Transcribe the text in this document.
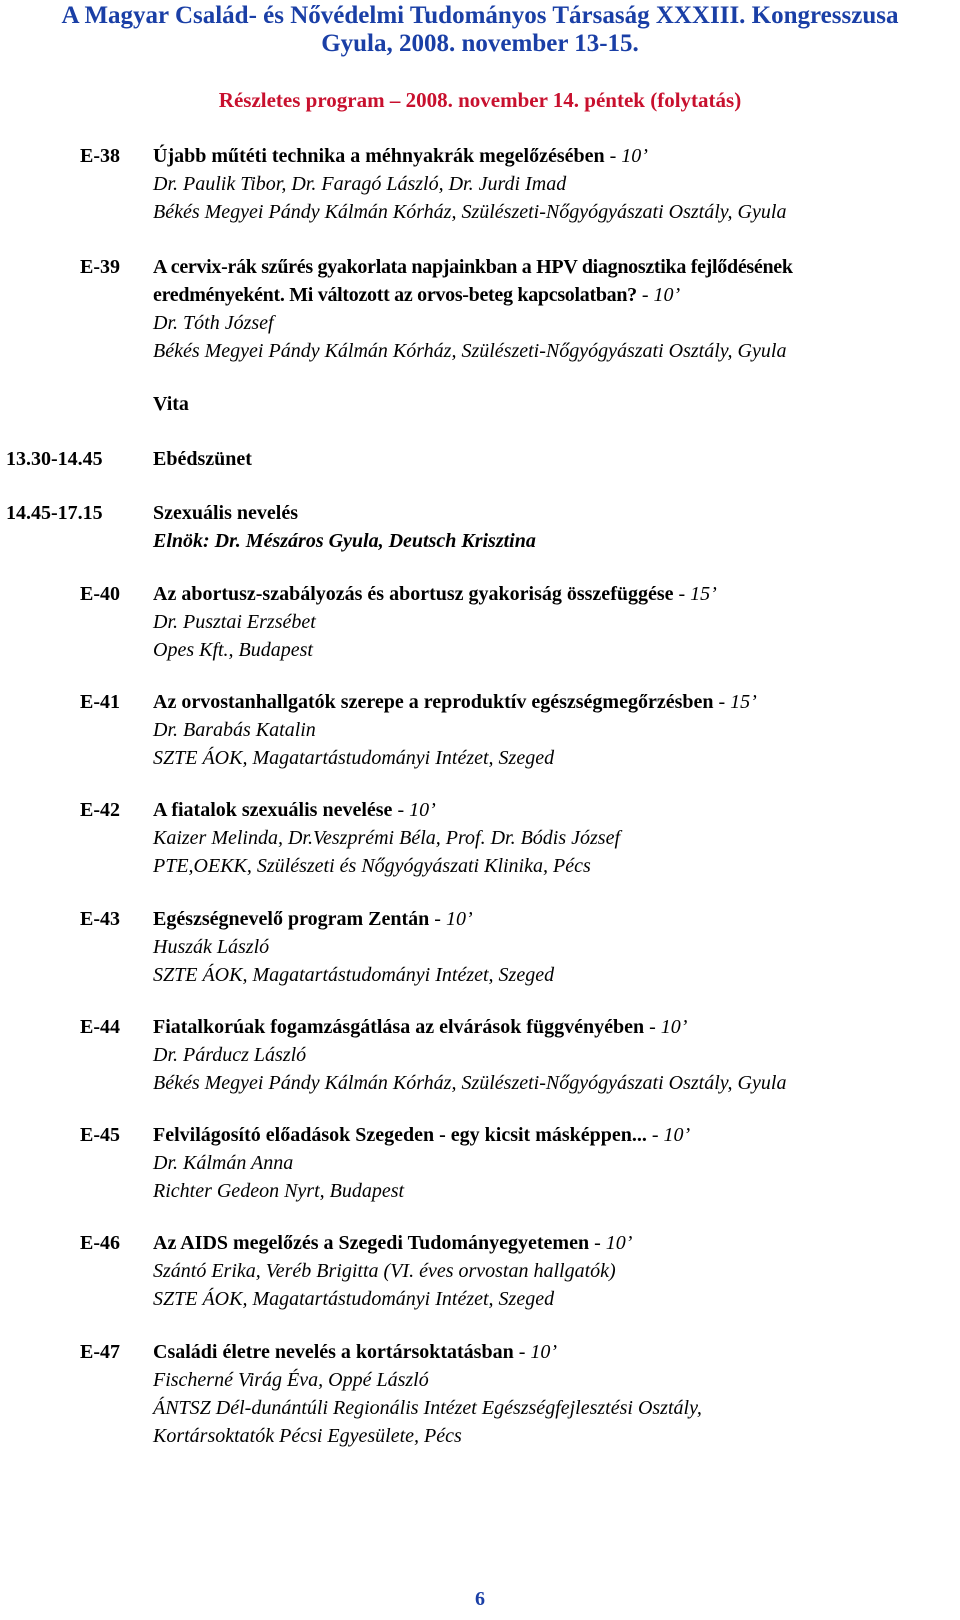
A Magyar Család- és Nővédelmi Tudományos Társaság XXXIII. Kongresszusa
Gyula, 2008. november 13-15.
Részletes program – 2008. november 14. péntek (folytatás)
E-38 Újabb műtéti technika a méhnyakrák megelőzésében - 10’
Dr. Paulik Tibor, Dr. Faragó László, Dr. Jurdi Imad
Békés Megyei Pándy Kálmán Kórház, Szülészeti-Nőgyógyászati Osztály, Gyula
E-39 A cervix-rák szűrés gyakorlata napjainkban a HPV diagnosztika fejlődésének
eredményeként. Mi változott az orvos-beteg kapcsolatban? - 10’
Dr. Tóth József
Békés Megyei Pándy Kálmán Kórház, Szülészeti-Nőgyógyászati Osztály, Gyula
Vita
13.30-14.45	Ebédszünet
14.45-17.15	Szexuális nevelés
Elnök: Dr. Mészáros Gyula, Deutsch Krisztina
E-40 Az abortusz-szabályozás és abortusz gyakoriság összefüggése - 15’
Dr. Pusztai Erzsébet
Opes Kft., Budapest
E-41 Az orvostanhallgatók szerepe a reproduktív egészségmegőrzésben - 15’
Dr. Barabás Katalin
SZTE ÁOK, Magatartástudományi Intézet, Szeged
E-42 A fiatalok szexuális nevelése - 10’
Kaizer Melinda, Dr.Veszprémi Béla, Prof. Dr. Bódis József
PTE,OEKK, Szülészeti és Nőgyógyászati Klinika, Pécs
E-43 Egészségnevelő program Zentán - 10’
Huszák László
SZTE ÁOK, Magatartástudományi Intézet, Szeged
E-44 Fiatalkorúak fogamzásgátlása az elvárások függvényében - 10’
Dr. Párducz László
Békés Megyei Pándy Kálmán Kórház, Szülészeti-Nőgyógyászati Osztály, Gyula
E-45 Felvilágosító előadások Szegeden - egy kicsit másképpen... - 10’
Dr. Kálmán Anna
Richter Gedeon Nyrt, Budapest
E-46 Az AIDS megelőzés a Szegedi Tudományegyetemen - 10’
Szántó Erika, Veréb Brigitta (VI. éves orvostan hallgatók)
SZTE ÁOK, Magatartástudományi Intézet, Szeged
E-47 Családi életre nevelés a kortársoktatásban - 10’
Fischerné Virág Éva, Oppé László
ÁNTSZ Dél-dunántúli Regionális Intézet Egészségfejlesztési Osztály,
Kortársoktatók Pécsi Egyesülete, Pécs
6
